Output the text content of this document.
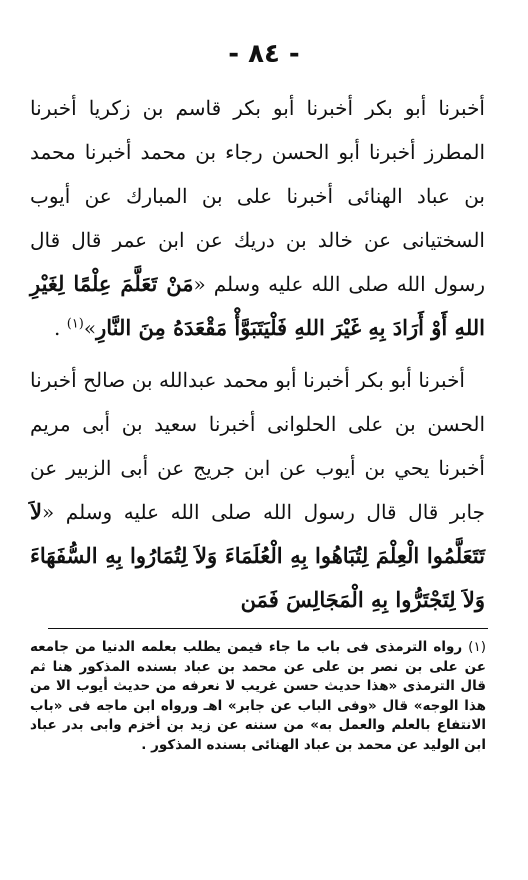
- ٨٤ -

أخبرنا أبو بكر أخبرنا أبو بكر قاسم بن زكريا أخبرنا المطرز أخبرنا أبو الحسن رجاء بن محمد أخبرنا محمد بن عباد الهنائى أخبرنا على بن المبارك عن أيوب السختيانى عن خالد بن دريك عن ابن عمر قال قال رسول الله صلى الله عليه وسلم «مَنْ تَعَلَّمَ عِلْمًا لِغَيْرِ اللهِ أَوْ أَرَادَ بِهِ غَيْرَ اللهِ فَلْيَتَبَوَّأْ مَقْعَدَهُ مِنَ النَّارِ»$^{(١)}$ .

أخبرنا أبو بكر أخبرنا أبو محمد عبدالله بن صالح أخبرنا الحسن بن على الحلوانى أخبرنا سعيد بن أبى مريم أخبرنا يحي بن أيوب عن ابن جريج عن أبى الزبير عن جابر قال قال رسول الله صلى الله عليه وسلم «لاَ تَتَعَلَّمُوا الْعِلْمَ لِتُبَاهُوا بِهِ الْعُلَمَاءَ وَلاَ لِتُمَارُوا بِهِ السُّفَهَاءَ وَلاَ لِتَجْتَرُّوا بِهِ الْمَجَالِسَ فَمَن

(١)رواه الترمذى فى باب ما جاء فيمن يطلب بعلمه الدنيا من جامعه عن على بن نصر بن على عن محمد بن عباد بسنده المذكور هنا ثم قال الترمذى «هذا حديث حسن غريب لا نعرفه من حديث أيوب الا من هذا الوجه» قال «وفى الباب عن جابر» اهـ ورواه ابن ماجه فى «باب الانتفاع بالعلم والعمل به» من سننه عن زيد بن أخزم وابى بدر عباد ابن الوليد عن محمد بن عباد الهنائى بسنده المذكور .
